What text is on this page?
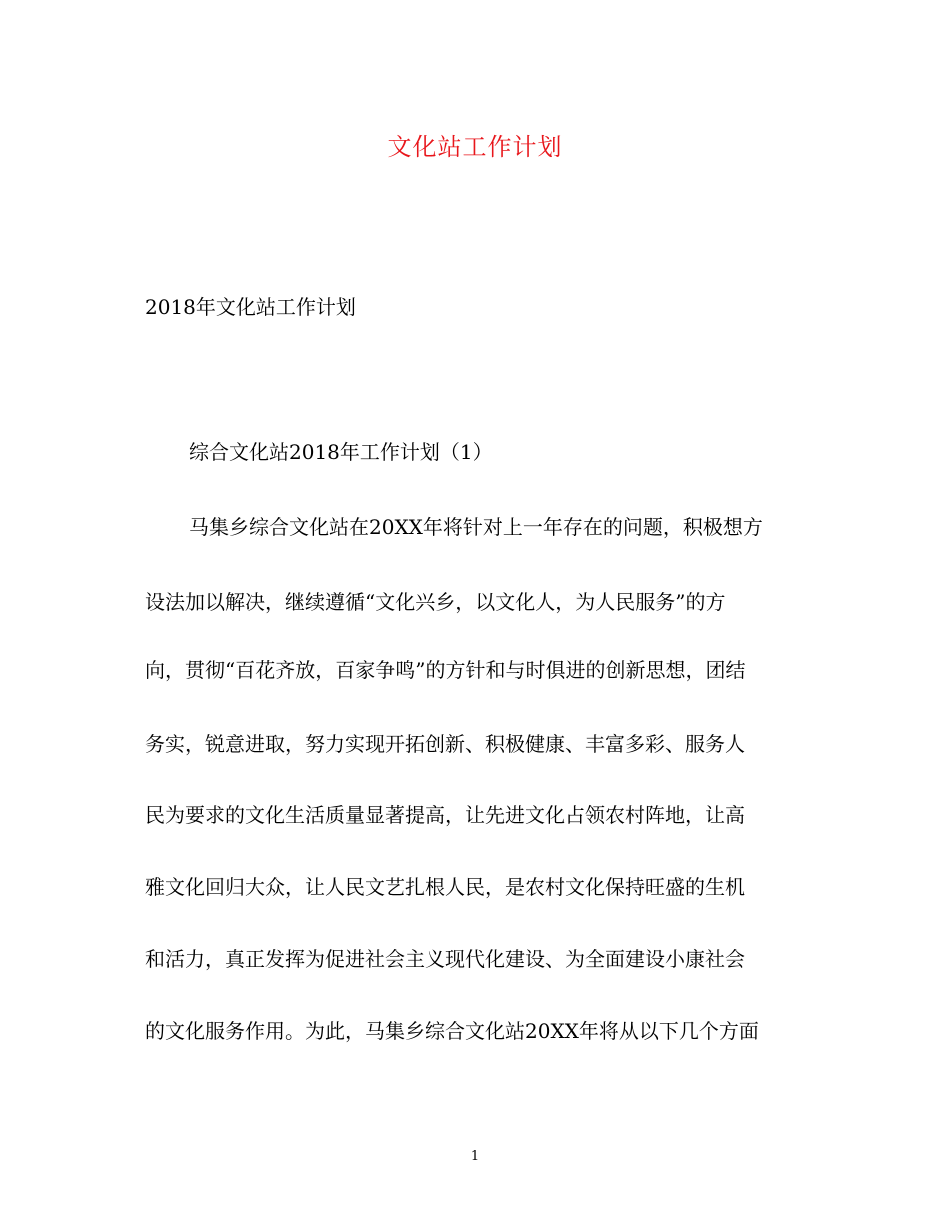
文化站工作计划
2018年文化站工作计划
综合文化站2018年工作计划（1）
马集乡综合文化站在20XX年将针对上一年存在的问题，积极想方
设法加以解决，继续遵循“文化兴乡，以文化人，为人民服务”的方
向，贯彻“百花齐放，百家争鸣”的方针和与时俱进的创新思想，团结
务实，锐意进取，努力实现开拓创新、积极健康、丰富多彩、服务人
民为要求的文化生活质量显著提高，让先进文化占领农村阵地，让高
雅文化回归大众，让人民文艺扎根人民，是农村文化保持旺盛的生机
和活力，真正发挥为促进社会主义现代化建设、为全面建设小康社会
的文化服务作用。为此，马集乡综合文化站20XX年将从以下几个方面
1
